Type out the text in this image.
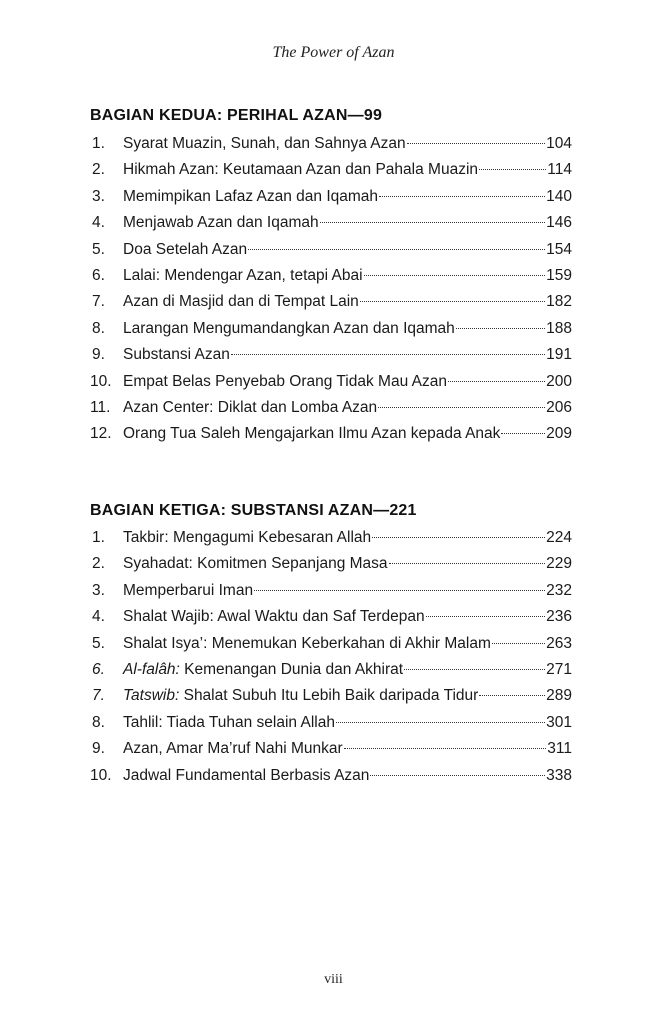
The Power of Azan
BAGIAN KEDUA: PERIHAL AZAN—99
1.	Syarat Muazin, Sunah, dan Sahnya Azan	104
2.	Hikmah Azan: Keutamaan Azan dan Pahala Muazin	114
3.	Memimpikan Lafaz Azan dan Iqamah	140
4.	Menjawab Azan dan Iqamah	146
5.	Doa Setelah Azan	154
6.	Lalai: Mendengar Azan, tetapi Abai	159
7.	Azan di Masjid dan di Tempat Lain	182
8.	Larangan Mengumandangkan Azan dan Iqamah	188
9.	Substansi Azan	191
10. Empat Belas Penyebab Orang Tidak Mau Azan	200
11. Azan Center: Diklat dan Lomba Azan	206
12. Orang Tua Saleh Mengajarkan Ilmu Azan kepada Anak	209
BAGIAN KETIGA: SUBSTANSI AZAN—221
1.	Takbir: Mengagumi Kebesaran Allah	224
2.	Syahadat: Komitmen Sepanjang Masa	229
3.	Memperbarui Iman	232
4.	Shalat Wajib: Awal Waktu dan Saf Terdepan	236
5.	Shalat Isya’: Menemukan Keberkahan di Akhir Malam	263
6.	Al-falâh: Kemenangan Dunia dan Akhirat	271
7.	Tatswib: Shalat Subuh Itu Lebih Baik daripada Tidur	289
8.	Tahlil: Tiada Tuhan selain Allah	301
9.	Azan, Amar Ma’ruf Nahi Munkar	311
10. Jadwal Fundamental Berbasis Azan	338
viii
